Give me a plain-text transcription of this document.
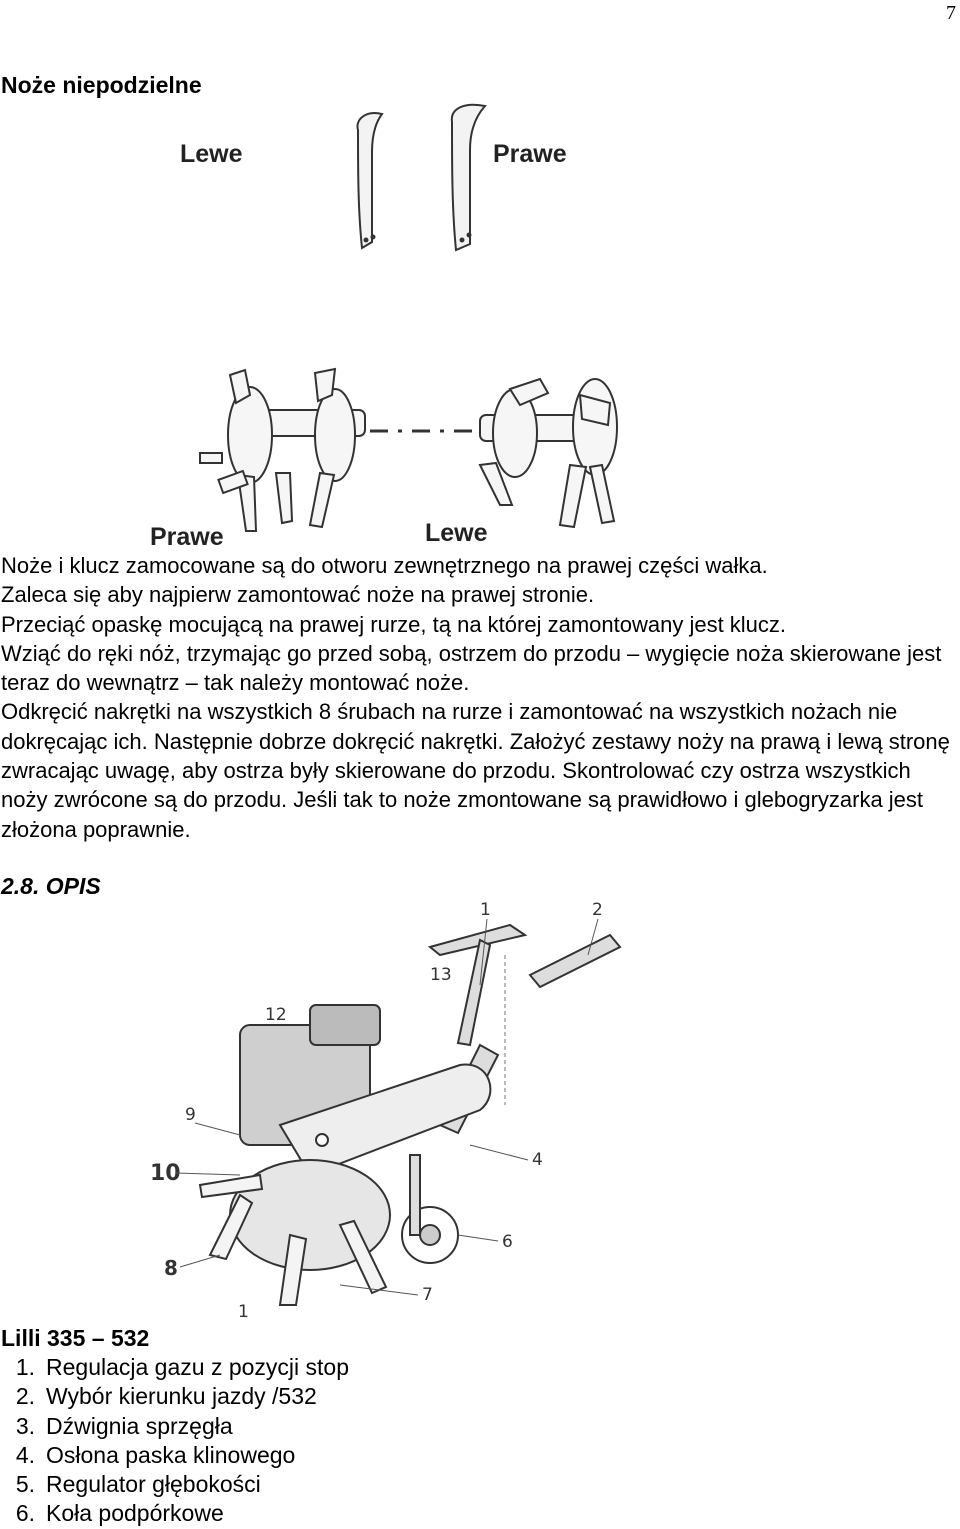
7
Noże niepodzielne
Lewe	Prawe
Prawe	Lewe

Noże i klucz zamocowane są do otworu zewnętrznego na prawej części wałka.

Zaleca się aby najpierw zamontować noże na prawej stronie.

Przeciąć opaskę mocującą na prawej rurze, tą na której zamontowany jest klucz.

Wziąć do ręki nóż, trzymając go przed sobą, ostrzem do przodu – wygięcie noża skierowane jest teraz do wewnątrz – tak należy montować noże.

Odkręcić nakrętki na wszystkich 8 śrubach na rurze i zamontować na wszystkich nożach nie dokręcając ich. Następnie dobrze dokręcić nakrętki. Założyć zestawy noży na prawą i lewą stronę zwracając uwagę, aby ostrza były skierowane do przodu. Skontrolować czy ostrza wszystkich noży zwrócone są do przodu. Jeśli tak to noże zmontowane są prawidłowo i glebogryzarka jest złożona poprawnie.

2.8. OPIS
1	2
13
12
9
10
4
6
8
7
1
Lilli 335 – 532
1. Regulacja gazu z pozycji stop
2. Wybór kierunku jazdy /532
3. Dźwignia sprzęgła
4. Osłona paska klinowego
5. Regulator głębokości
6. Koła podpórkowe
